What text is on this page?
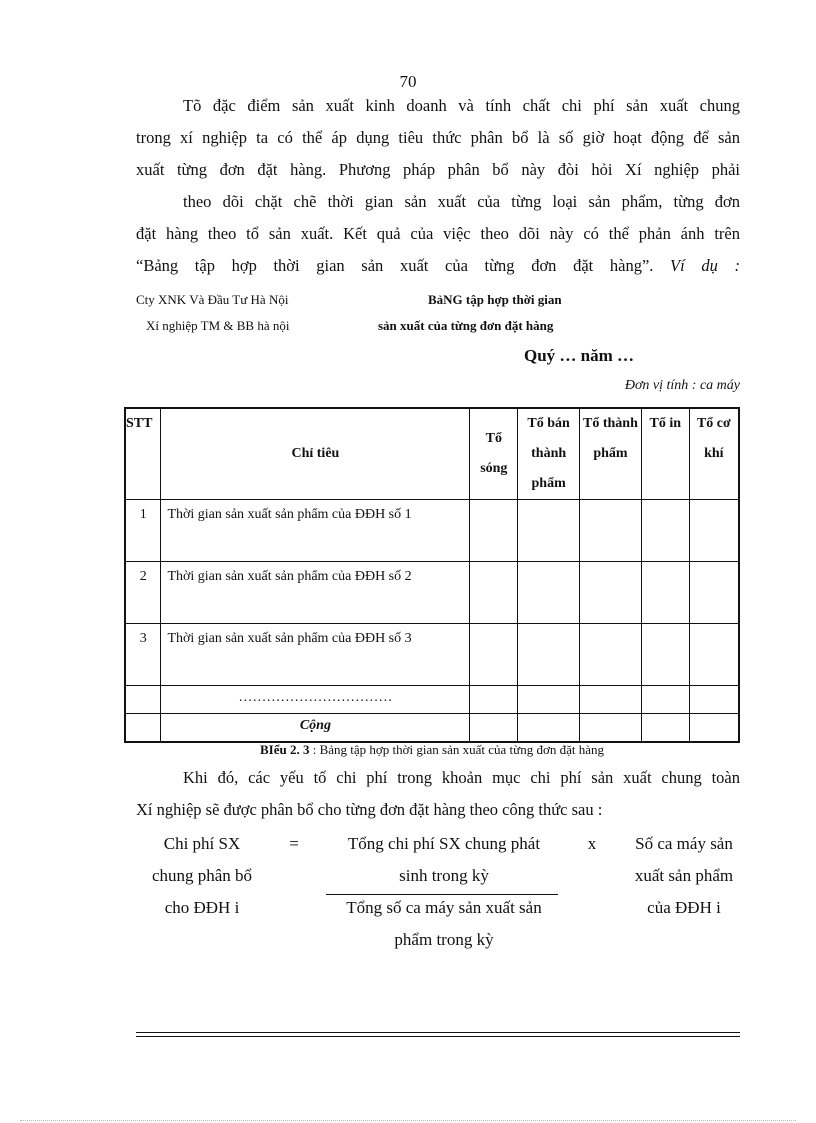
70
Tõ đặc điểm sản xuất kinh doanh và tính chất chi phí sản xuất chung
trong xí nghiệp ta có thể áp dụng tiêu thức phân bổ là số giờ hoạt động để sản
xuất từng đơn đặt hàng. Phương pháp phân bổ này đòi hỏi Xí nghiệp phải
theo dõi chặt chẽ thời gian sản xuất của từng loại sản phẩm, từng đơn
đặt hàng theo tổ sản xuất. Kết quả của việc theo dõi này có thể phản ánh trên
“Bảng tập hợp thời gian sản xuất của từng đơn đặt hàng”. Ví dụ :
Cty XNK Và Đầu Tư Hà Nội
Xí nghiệp TM & BB hà nội
BảNG tập hợp thời gian
sản xuất của từng đơn đặt hàng
Quý … năm …
Đơn vị tính : ca máy
STT	Chỉ tiêu	Tổ sóng	Tổ bán thành phẩm	Tổ thành phẩm	Tổ in	Tổ cơ khí
1	Thời gian sản xuất sản phẩm của ĐĐH số 1					
2	Thời gian sản xuất sản phẩm của ĐĐH số 2					
3	Thời gian sản xuất sản phẩm của ĐĐH số 3					
	……………………………					
	Cộng					
BIểu 2. 3 : Bảng tập hợp thời gian sản xuất của từng đơn đặt hàng
Khi đó, các yếu tố chi phí trong khoản mục chi phí sản xuất chung toàn
Xí nghiệp sẽ được phân bổ cho từng đơn đặt hàng theo công thức sau :
Chi phí SX
chung phân bổ
cho ĐĐH i
=	Tổng chi phí SX chung phát
sinh trong kỳ
Tổng số ca máy sản xuất sản
phẩm trong kỳ
x	Số ca máy sản
xuất sản phẩm
của ĐĐH i
